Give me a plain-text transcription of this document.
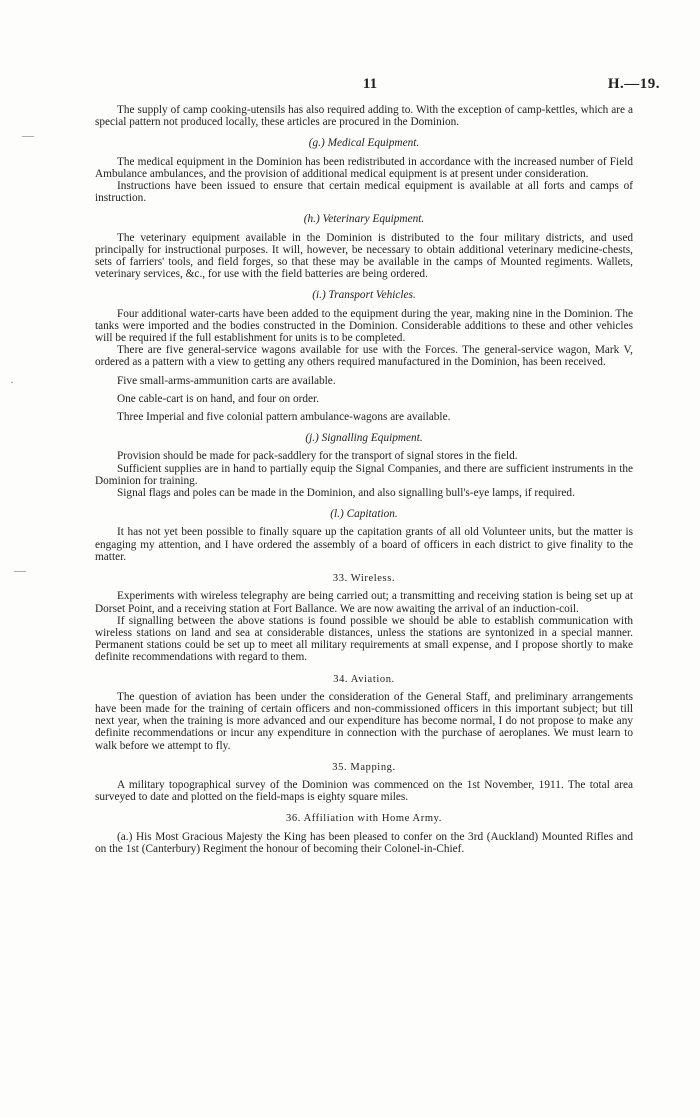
11	H.—19.
—
·
—

The supply of camp cooking-utensils has also required adding to. With the exception of camp-kettles, which are a special pattern not produced locally, these articles are procured in the Dominion.

(g.) Medical Equipment.

The medical equipment in the Dominion has been redistributed in accordance with the increased number of Field Ambulance ambulances, and the provision of additional medical equipment is at present under consideration.

Instructions have been issued to ensure that certain medical equipment is available at all forts and camps of instruction.

(h.) Veterinary Equipment.

The veterinary equipment available in the Dominion is distributed to the four military districts, and used principally for instructional purposes. It will, however, be necessary to obtain additional veterinary medicine-chests, sets of farriers' tools, and field forges, so that these may be available in the camps of Mounted regiments. Wallets, veterinary services, &c., for use with the field batteries are being ordered.

(i.) Transport Vehicles.

Four additional water-carts have been added to the equipment during the year, making nine in the Dominion. The tanks were imported and the bodies constructed in the Dominion. Considerable additions to these and other vehicles will be required if the full establishment for units is to be completed.

There are five general-service wagons available for use with the Forces. The general-service wagon, Mark V, ordered as a pattern with a view to getting any others required manufactured in the Dominion, has been received.

Five small-arms-ammunition carts are available.

One cable-cart is on hand, and four on order.

Three Imperial and five colonial pattern ambulance-wagons are available.

(j.) Signalling Equipment.

Provision should be made for pack-saddlery for the transport of signal stores in the field.

Sufficient supplies are in hand to partially equip the Signal Companies, and there are sufficient instruments in the Dominion for training.

Signal flags and poles can be made in the Dominion, and also signalling bull's-eye lamps, if required.

(l.) Capitation.

It has not yet been possible to finally square up the capitation grants of all old Volunteer units, but the matter is engaging my attention, and I have ordered the assembly of a board of officers in each district to give finality to the matter.

33. Wireless.

Experiments with wireless telegraphy are being carried out; a transmitting and receiving station is being set up at Dorset Point, and a receiving station at Fort Ballance. We are now awaiting the arrival of an induction-coil.

If signalling between the above stations is found possible we should be able to establish communication with wireless stations on land and sea at considerable distances, unless the stations are syntonized in a special manner. Permanent stations could be set up to meet all military requirements at small expense, and I propose shortly to make definite recommendations with regard to them.

34. Aviation.

The question of aviation has been under the consideration of the General Staff, and preliminary arrangements have been made for the training of certain officers and non-commissioned officers in this important subject; but till next year, when the training is more advanced and our expenditure has become normal, I do not propose to make any definite recommendations or incur any expenditure in connection with the purchase of aeroplanes. We must learn to walk before we attempt to fly.

35. Mapping.

A military topographical survey of the Dominion was commenced on the 1st November, 1911. The total area surveyed to date and plotted on the field-maps is eighty square miles.

36. Affiliation with Home Army.

(a.) His Most Gracious Majesty the King has been pleased to confer on the 3rd (Auckland) Mounted Rifles and on the 1st (Canterbury) Regiment the honour of becoming their Colonel-in-Chief.
